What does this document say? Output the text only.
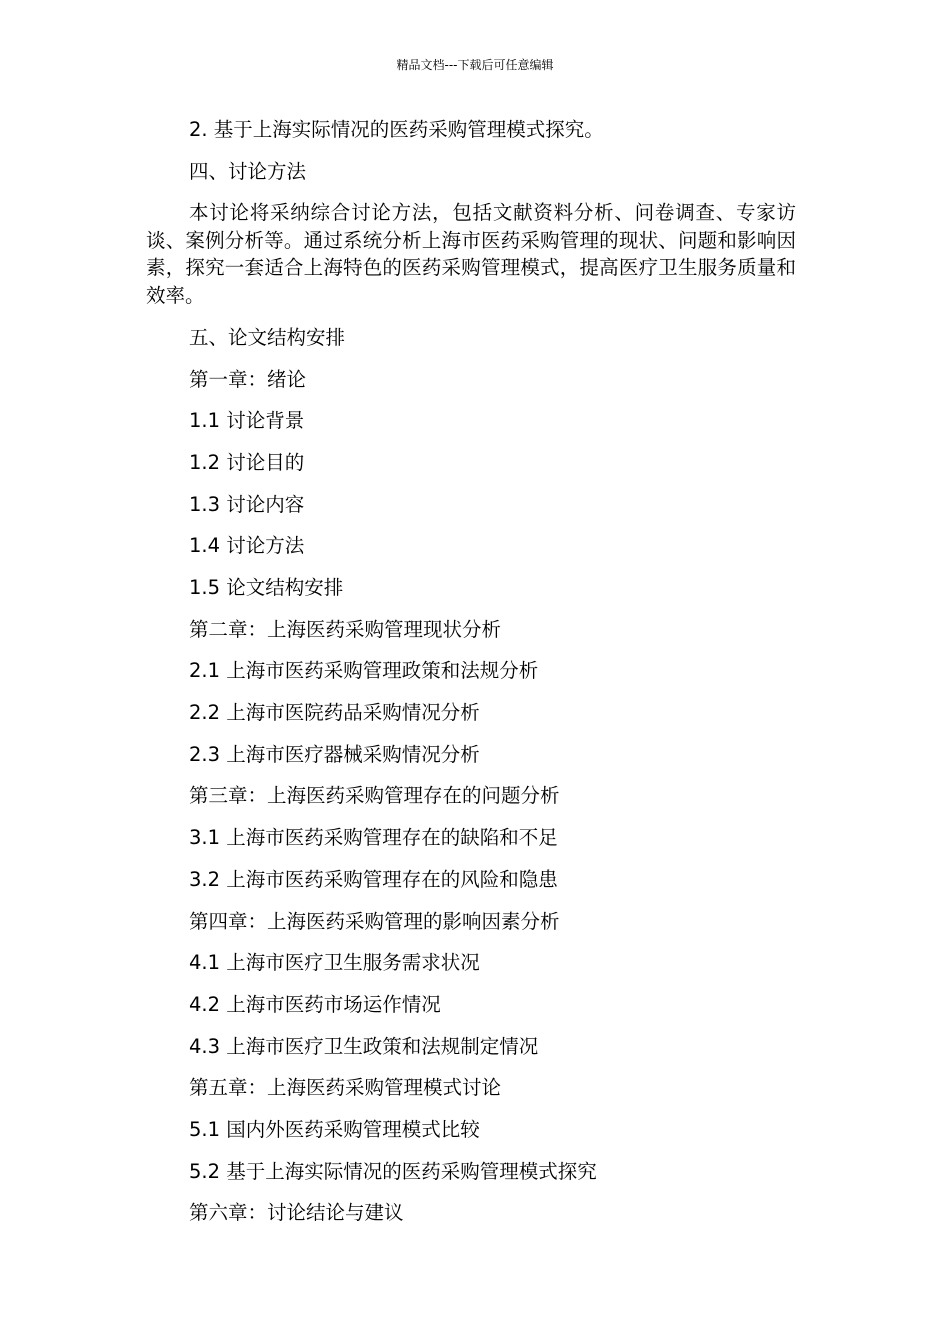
精品文档---下载后可任意编辑
2. 基于上海实际情况的医药采购管理模式探究。
四、讨论方法
本讨论将采纳综合讨论方法，包括文献资料分析、问卷调查、专家访谈、案例分析等。通过系统分析上海市医药采购管理的现状、问题和影响因素，探究一套适合上海特色的医药采购管理模式，提高医疗卫生服务质量和效率。
五、论文结构安排
第一章：绪论
1.1 讨论背景
1.2 讨论目的
1.3 讨论内容
1.4 讨论方法
1.5 论文结构安排
第二章：上海医药采购管理现状分析
2.1 上海市医药采购管理政策和法规分析
2.2 上海市医院药品采购情况分析
2.3 上海市医疗器械采购情况分析
第三章：上海医药采购管理存在的问题分析
3.1 上海市医药采购管理存在的缺陷和不足
3.2 上海市医药采购管理存在的风险和隐患
第四章：上海医药采购管理的影响因素分析
4.1 上海市医疗卫生服务需求状况
4.2 上海市医药市场运作情况
4.3 上海市医疗卫生政策和法规制定情况
第五章：上海医药采购管理模式讨论
5.1 国内外医药采购管理模式比较
5.2 基于上海实际情况的医药采购管理模式探究
第六章：讨论结论与建议
